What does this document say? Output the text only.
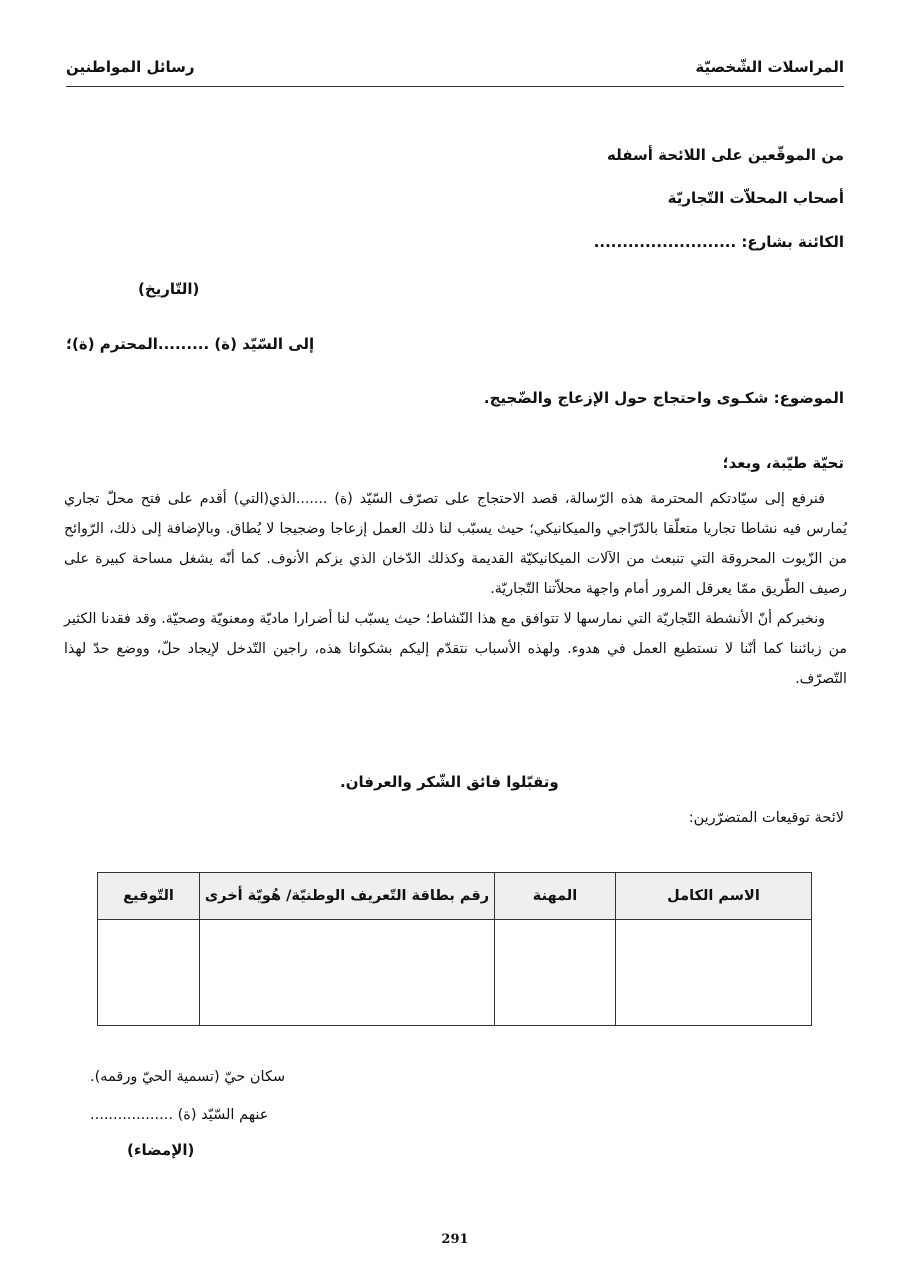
المراسلات الشّخصيّة
رسائل المواطنين
من الموقّعين على اللائحة أسفله
أصحاب المحلاّت التّجاريّة
الكائنة بشارع: .........................
(التّاريخ)
إلى السّيّد (ة) .........المحترم (ة)؛
الموضوع: شكـوى واحتجاج حول الإزعاج والضّجيج.
تحيّة طيّبة، وبعد؛

فنرفع إلى سيّادتكم المحترمة هذه الرّسالة، قصد الاحتجاج على تصرّف السّيّد (ة) .......الذي(التي) أقدم على فتح محلّ تجاري يُمارس فيه نشاطا تجاريا متعلّقا بالدّرّاجي والميكانيكي؛ حيث يسبّب لنا ذلك العمل إزعاجا وضجيجا لا يُطاق. وبالإضافة إلى ذلك، الرّوائح من الزّيوت المحروقة التي تنبعث من الآلات الميكانيكيّة القديمة وكذلك الدّخان الذي يزكم الأنوف. كما أنّه يشغل مساحة كبيرة على رصيف الطّريق ممّا يعرقل المرور أمام واجهة محلاّتنا التّجاريّة.

ونخبركم أنّ الأنشطة التّجاريّة التي نمارسها لا تتوافق مع هذا النّشاط؛ حيث يسبّب لنا أضرارا ماديّة ومعنويّة وصحيّة. وقد فقدنا الكثير من زبائننا كما أنّنا لا نستطيع العمل في هدوء. ولهذه الأسباب نتقدّم إليكم بشكوانا هذه، راجين التّدخل لإيجاد حلّ، ووضع حدّ لهذا التّصرّف.

وتقبّلوا فائق الشّكر والعرفان.
لائحة توقيعات المتضرّرين:
الاسم الكامل	المهنة	رقم بطاقة التّعريف الوطنيّة/ هُويّة أخرى	التّوقيع

سكان حيّ (تسمية الحيّ ورقمه).
عنهم السّيّد (ة) ..................
(الإمضاء)
291
